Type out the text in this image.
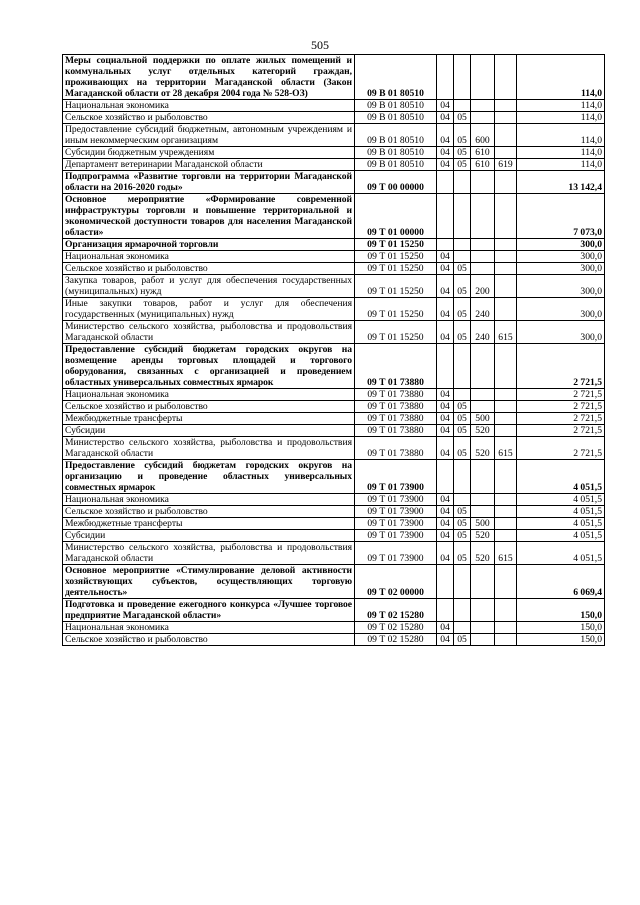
505
Меры социальной поддержки по оплате жилых помещений и коммунальных услуг отдельных категорий граждан, проживающих на территории Магаданской области (Закон Магаданской области от 28 декабря 2004 года № 528-ОЗ)	09 В 01 80510					114,0
Национальная экономика	09 В 01 80510	04				114,0
Сельское хозяйство и рыболовство	09 В 01 80510	04	05			114,0
Предоставление субсидий бюджетным, автономным учреждениям и иным некоммерческим организациям	09 В 01 80510	04	05	600		114,0
Субсидии бюджетным учреждениям	09 В 01 80510	04	05	610		114,0
Департамент ветеринарии Магаданской области	09 В 01 80510	04	05	610	619	114,0
Подпрограмма «Развитие торговли на территории Магаданской области на 2016-2020 годы»	09 Т 00 00000					13 142,4
Основное мероприятие «Формирование современной инфраструктуры торговли и повышение территориальной и экономической доступности товаров для населения Магаданской области»	09 Т 01 00000					7 073,0
Организация ярмарочной торговли	09 Т 01 15250					300,0
Национальная экономика	09 Т 01 15250	04				300,0
Сельское хозяйство и рыболовство	09 Т 01 15250	04	05			300,0
Закупка товаров, работ и услуг для обеспечения государственных (муниципальных) нужд	09 Т 01 15250	04	05	200		300,0
Иные закупки товаров, работ и услуг для обеспечения государственных (муниципальных) нужд	09 Т 01 15250	04	05	240		300,0
Министерство сельского хозяйства, рыболовства и продовольствия Магаданской области	09 Т 01 15250	04	05	240	615	300,0
Предоставление субсидий бюджетам городских округов на возмещение аренды торговых площадей и торгового оборудования, связанных с организацией и проведением областных универсальных совместных ярмарок	09 Т 01 73880					2 721,5
Национальная экономика	09 Т 01 73880	04				2 721,5
Сельское хозяйство и рыболовство	09 Т 01 73880	04	05			2 721,5
Межбюджетные трансферты	09 Т 01 73880	04	05	500		2 721,5
Субсидии	09 Т 01 73880	04	05	520		2 721,5
Министерство сельского хозяйства, рыболовства и продовольствия Магаданской области	09 Т 01 73880	04	05	520	615	2 721,5
Предоставление субсидий бюджетам городских округов на организацию и проведение областных универсальных совместных ярмарок	09 Т 01 73900					4 051,5
Национальная экономика	09 Т 01 73900	04				4 051,5
Сельское хозяйство и рыболовство	09 Т 01 73900	04	05			4 051,5
Межбюджетные трансферты	09 Т 01 73900	04	05	500		4 051,5
Субсидии	09 Т 01 73900	04	05	520		4 051,5
Министерство сельского хозяйства, рыболовства и продовольствия Магаданской области	09 Т 01 73900	04	05	520	615	4 051,5
Основное мероприятие «Стимулирование деловой активности хозяйствующих субъектов, осуществляющих торговую деятельность»	09 Т 02 00000					6 069,4
Подготовка и проведение ежегодного конкурса «Лучшее торговое предприятие Магаданской области»	09 Т 02 15280					150,0
Национальная экономика	09 Т 02 15280	04				150,0
Сельское хозяйство и рыболовство	09 Т 02 15280	04	05			150,0
